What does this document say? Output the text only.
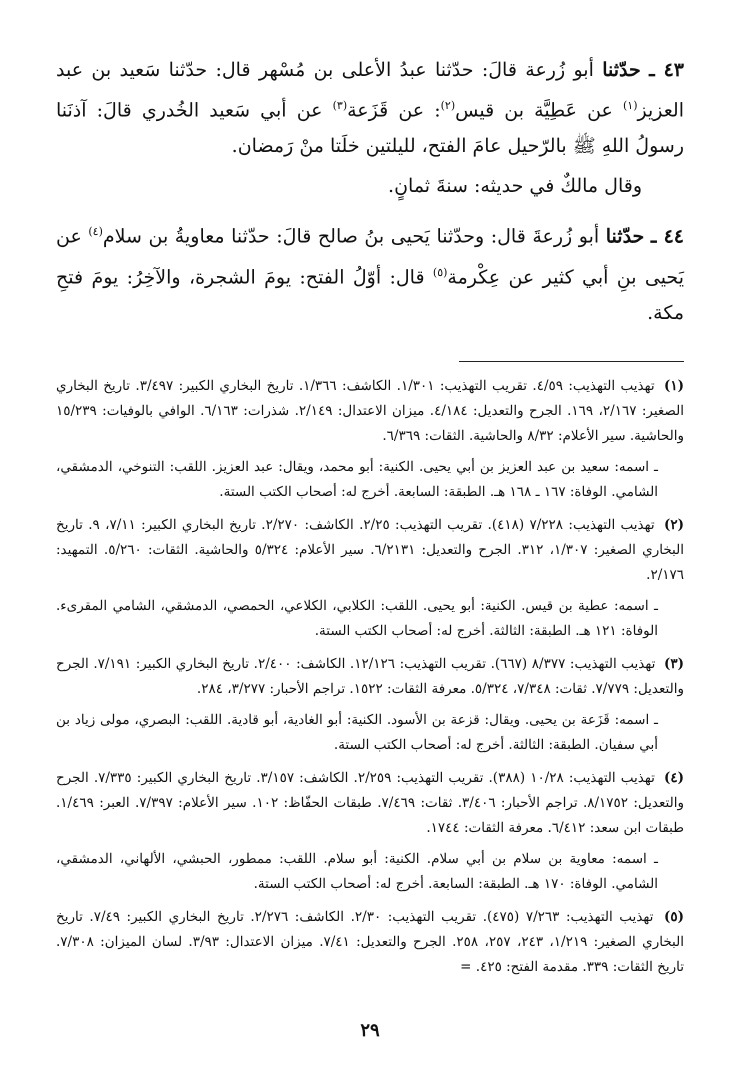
٤٣ ـ حدّثنا أبو زُرعة قالَ: حدّثنا عبدُ الأعلى بن مُسْهر قال: حدّثنا سَعيد بن عبد العزيز$^{(١)}$ عن عَطِيَّة بن قيس$^{(٢)}$: عن قَزَعة$^{(٣)}$ عن أبي سَعيد الخُدري قالَ: آذنَنا رسولُ اللهِ ﷺ بالرّحيل عامَ الفتح، لليلتين خلَتا منْ رَمضان.

وقال مالكٌ في حديثه: سنةَ ثمانٍ.

٤٤ ـ حدّثنا أبو زُرعةَ قال: وحدّثنا يَحيى بنُ صالح قالَ: حدّثنا معاويةُ بن سلام$^{(٤)}$ عن يَحيى بنِ أبي كثير عن عِكْرمة$^{(٥)}$ قال: أوّلُ الفتح: يومَ الشجرة، والآخِرُ: يومَ فتحِ مكة.

(١) تهذيب التهذيب: ٤/٥٩. تقريب التهذيب: ١/٣٠١. الكاشف: ١/٣٦٦. تاريخ البخاري الكبير: ٣/٤٩٧. تاريخ البخاري الصغير: ٢/١٦٧، ١٦٩. الجرح والتعديل: ٤/١٨٤. ميزان الاعتدال: ٢/١٤٩. شذرات: ٦/١٦٣. الوافي بالوفيات: ١٥/٢٣٩ والحاشية. سير الأعلام: ٨/٣٢ والحاشية. الثقات: ٦/٣٦٩.

ـ اسمه: سعيد بن عبد العزيز بن أبي يحيى. الكنية: أبو محمد، ويقال: عبد العزيز. اللقب: التنوخي، الدمشقي، الشامي. الوفاة: ١٦٧ ـ ١٦٨ هـ. الطبقة: السابعة. أخرج له: أصحاب الكتب الستة.

(٢) تهذيب التهذيب: ٧/٢٢٨ (٤١٨). تقريب التهذيب: ٢/٢٥. الكاشف: ٢/٢٧٠. تاريخ البخاري الكبير: ٧/١١، ٩. تاريخ البخاري الصغير: ١/٣٠٧، ٣١٢. الجرح والتعديل: ٦/٢١٣١. سير الأعلام: ٥/٣٢٤ والحاشية. الثقات: ٥/٢٦٠. التمهيد: ٢/١٧٦.

ـ اسمه: عطية بن قيس. الكنية: أبو يحيى. اللقب: الكلابي، الكلاعي، الحمصي، الدمشقي، الشامي المقرىء. الوفاة: ١٢١ هـ. الطبقة: الثالثة. أخرج له: أصحاب الكتب الستة.

(٣) تهذيب التهذيب: ٨/٣٧٧ (٦٦٧). تقريب التهذيب: ١٢/١٢٦. الكاشف: ٢/٤٠٠. تاريخ البخاري الكبير: ٧/١٩١. الجرح والتعديل: ٧/٧٧٩. ثقات: ٧/٣٤٨، ٥/٣٢٤. معرفة الثقات: ١٥٢٢. تراجم الأحبار: ٣/٢٧٧، ٢٨٤.

ـ اسمه: قَزَعة بن يحيى. ويقال: قزعة بن الأسود. الكنية: أبو الغادية، أبو قادية. اللقب: البصري، مولى زياد بن أبي سفيان. الطبقة: الثالثة. أخرج له: أصحاب الكتب الستة.

(٤) تهذيب التهذيب: ١٠/٢٨ (٣٨٨). تقريب التهذيب: ٢/٢٥٩. الكاشف: ٣/١٥٧. تاريخ البخاري الكبير: ٧/٣٣٥. الجرح والتعديل: ٨/١٧٥٢. تراجم الأحبار: ٣/٤٠٦. ثقات: ٧/٤٦٩. طبقات الحفّاظ: ١٠٢. سير الأعلام: ٧/٣٩٧. العبر: ١/٤٦٩. طبقات ابن سعد: ٦/٤١٢. معرفة الثقات: ١٧٤٤.

ـ اسمه: معاوية بن سلام بن أبي سلام. الكنية: أبو سلام. اللقب: ممطور، الحبشي، الألهاني، الدمشقي، الشامي. الوفاة: ١٧٠ هـ. الطبقة: السابعة. أخرج له: أصحاب الكتب الستة.

(٥) تهذيب التهذيب: ٧/٢٦٣ (٤٧٥). تقريب التهذيب: ٢/٣٠. الكاشف: ٢/٢٧٦. تاريخ البخاري الكبير: ٧/٤٩. تاريخ البخاري الصغير: ١/٢١٩، ٢٤٣، ٢٥٧، ٢٥٨. الجرح والتعديل: ٧/٤١. ميزان الاعتدال: ٣/٩٣. لسان الميزان: ٧/٣٠٨. تاريخ الثقات: ٣٣٩. مقدمة الفتح: ٤٢٥. =

٢٩
